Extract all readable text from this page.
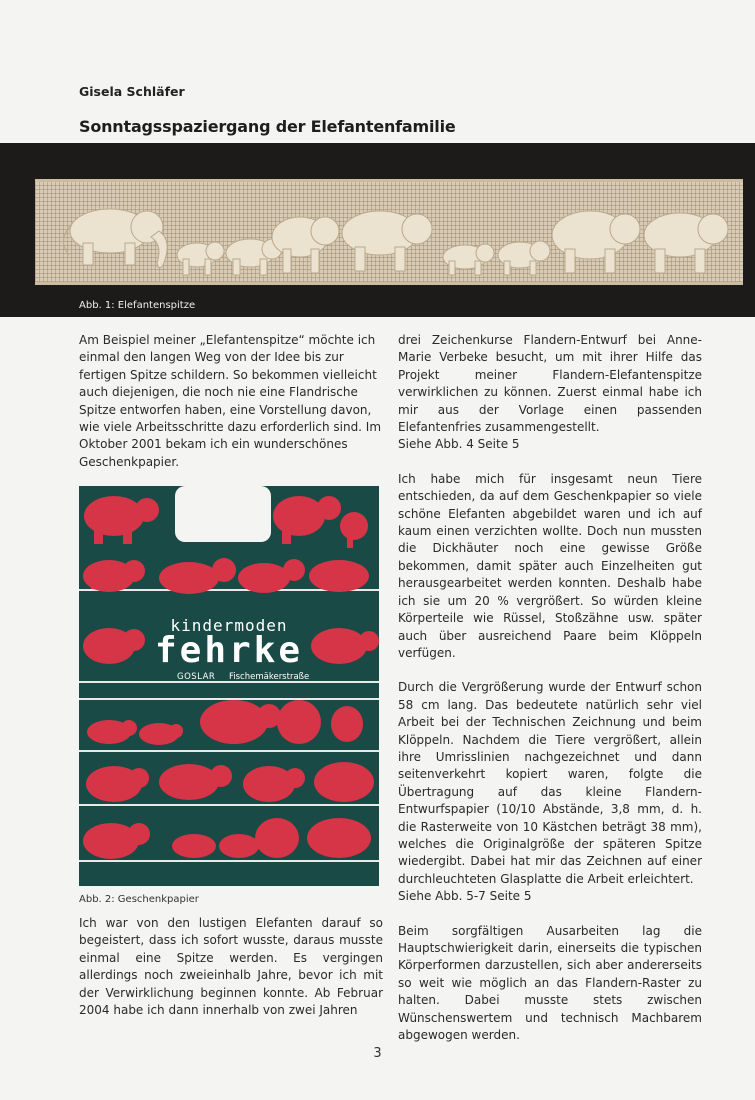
Gisela Schläfer
Sonntagsspaziergang der Elefantenfamilie
Abb. 1: Elefantenspitze

Am Beispiel meiner „Elefantenspitze“ möchte ich einmal den langen Weg von der Idee bis zur fertigen Spitze schildern. So bekommen vielleicht auch diejenigen, die noch nie eine Flandrische Spitze entworfen haben, eine Vorstellung davon, wie viele Arbeitsschritte dazu erforderlich sind. Im Oktober 2001 bekam ich ein wunderschönes Geschenkpapier.

kindermoden
fehrke
GOSLAR Fischemäkerstraße
Abb. 2: Geschenkpapier

Ich war von den lustigen Elefanten darauf so begeistert, dass ich sofort wusste, daraus musste einmal eine Spitze werden. Es vergingen allerdings noch zweieinhalb Jahre, bevor ich mit der Verwirklichung beginnen konnte. Ab Februar 2004 habe ich dann innerhalb von zwei Jahren

drei Zeichenkurse Flandern-Entwurf bei Anne-Marie Verbeke besucht, um mit ihrer Hilfe das Projekt meiner Flandern-Elefantenspitze verwirklichen zu können. Zuerst einmal habe ich mir aus der Vorlage einen passenden Elefantenfries zusammengestellt.

Siehe Abb. 4 Seite 5

Ich habe mich für insgesamt neun Tiere entschieden, da auf dem Geschenkpapier so viele schöne Elefanten abgebildet waren und ich auf kaum einen verzichten wollte. Doch nun mussten die Dickhäuter noch eine gewisse Größe bekommen, damit später auch Einzelheiten gut herausgearbeitet werden konnten. Deshalb habe ich sie um 20 % vergrößert. So würden kleine Körperteile wie Rüssel, Stoßzähne usw. später auch über ausreichend Paare beim Klöppeln verfügen.

Durch die Vergrößerung wurde der Entwurf schon 58 cm lang. Das bedeutete natürlich sehr viel Arbeit bei der Technischen Zeichnung und beim Klöppeln. Nachdem die Tiere vergrößert, allein ihre Umrisslinien nachgezeichnet und dann seitenverkehrt kopiert waren, folgte die Übertragung auf das kleine Flandern-Entwurfspapier (10/10 Abstände, 3,8 mm, d. h. die Rasterweite von 10 Kästchen beträgt 38 mm), welches die Originalgröße der späteren Spitze wiedergibt. Dabei hat mir das Zeichnen auf einer durchleuchteten Glasplatte die Arbeit erleichtert.

Siehe Abb. 5-7 Seite 5

Beim sorgfältigen Ausarbeiten lag die Hauptschwierigkeit darin, einerseits die typischen Körperformen darzustellen, sich aber andererseits so weit wie möglich an das Flandern-Raster zu halten. Dabei musste stets zwischen Wünschenswertem und technisch Machbarem abgewogen werden.

3
